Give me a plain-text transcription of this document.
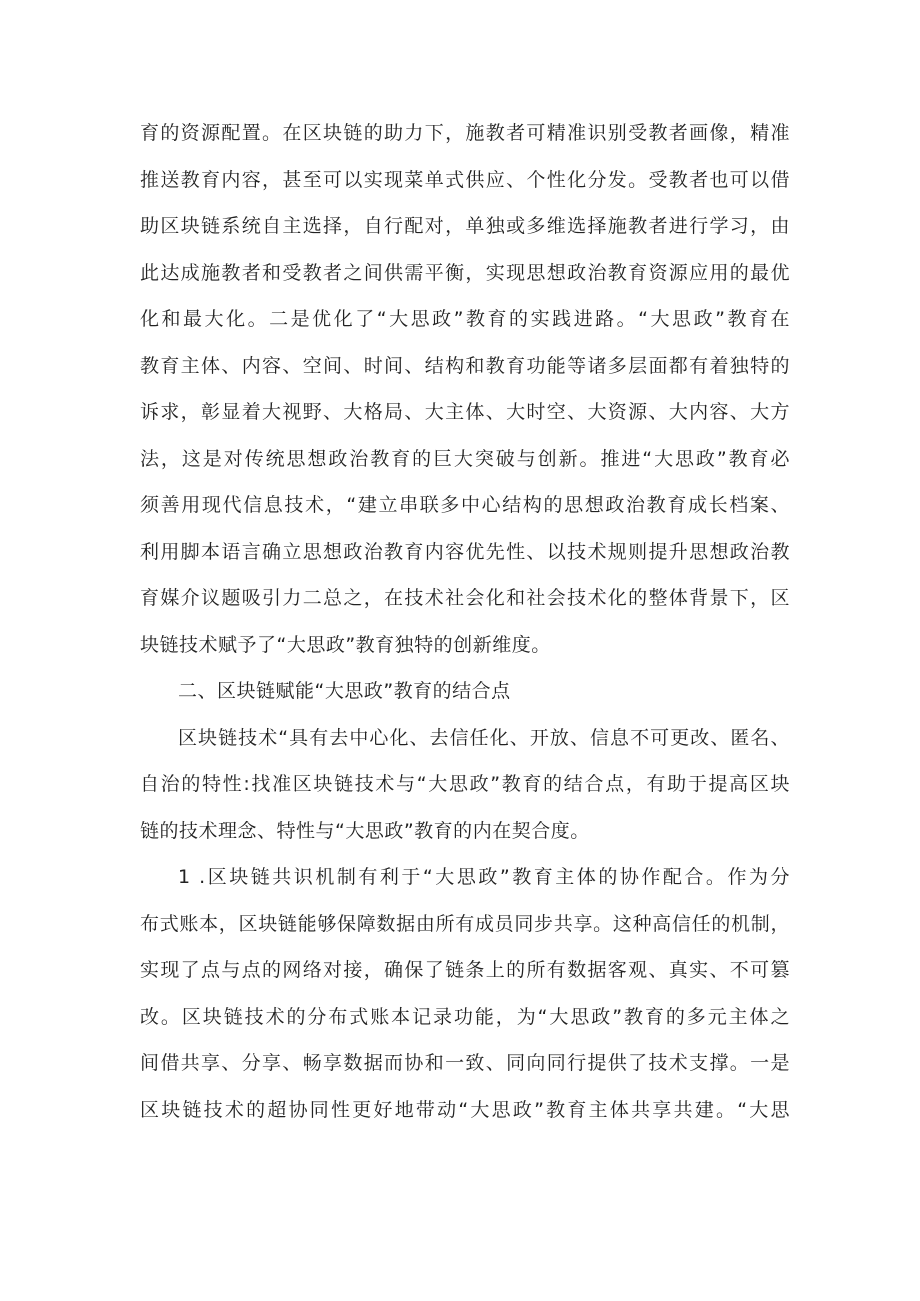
育的资源配置。在区块链的助力下，施教者可精准识别受教者画像，精准
推送教育内容，甚至可以实现菜单式供应、个性化分发。受教者也可以借
助区块链系统自主选择，自行配对，单独或多维选择施教者进行学习，由
此达成施教者和受教者之间供需平衡，实现思想政治教育资源应用的最优
化和最大化。二是优化了“大思政”教育的实践进路。“大思政”教育在
教育主体、内容、空间、时间、结构和教育功能等诸多层面都有着独特的
诉求，彰显着大视野、大格局、大主体、大时空、大资源、大内容、大方
法，这是对传统思想政治教育的巨大突破与创新。推进“大思政”教育必
须善用现代信息技术，“建立串联多中心结构的思想政治教育成长档案、
利用脚本语言确立思想政治教育内容优先性、以技术规则提升思想政治教
育媒介议题吸引力二总之，在技术社会化和社会技术化的整体背景下，区
块链技术赋予了“大思政”教育独特的创新维度。
二、区块链赋能“大思政”教育的结合点
区块链技术“具有去中心化、去信任化、开放、信息不可更改、匿名、
自治的特性:找准区块链技术与“大思政”教育的结合点，有助于提高区块
链的技术理念、特性与“大思政”教育的内在契合度。
1 .区块链共识机制有利于“大思政”教育主体的协作配合。作为分
布式账本，区块链能够保障数据由所有成员同步共享。这种高信任的机制，
实现了点与点的网络对接，确保了链条上的所有数据客观、真实、不可篡
改。区块链技术的分布式账本记录功能，为“大思政”教育的多元主体之
间借共享、分享、畅享数据而协和一致、同向同行提供了技术支撑。一是
区块链技术的超协同性更好地带动“大思政”教育主体共享共建。“大思
